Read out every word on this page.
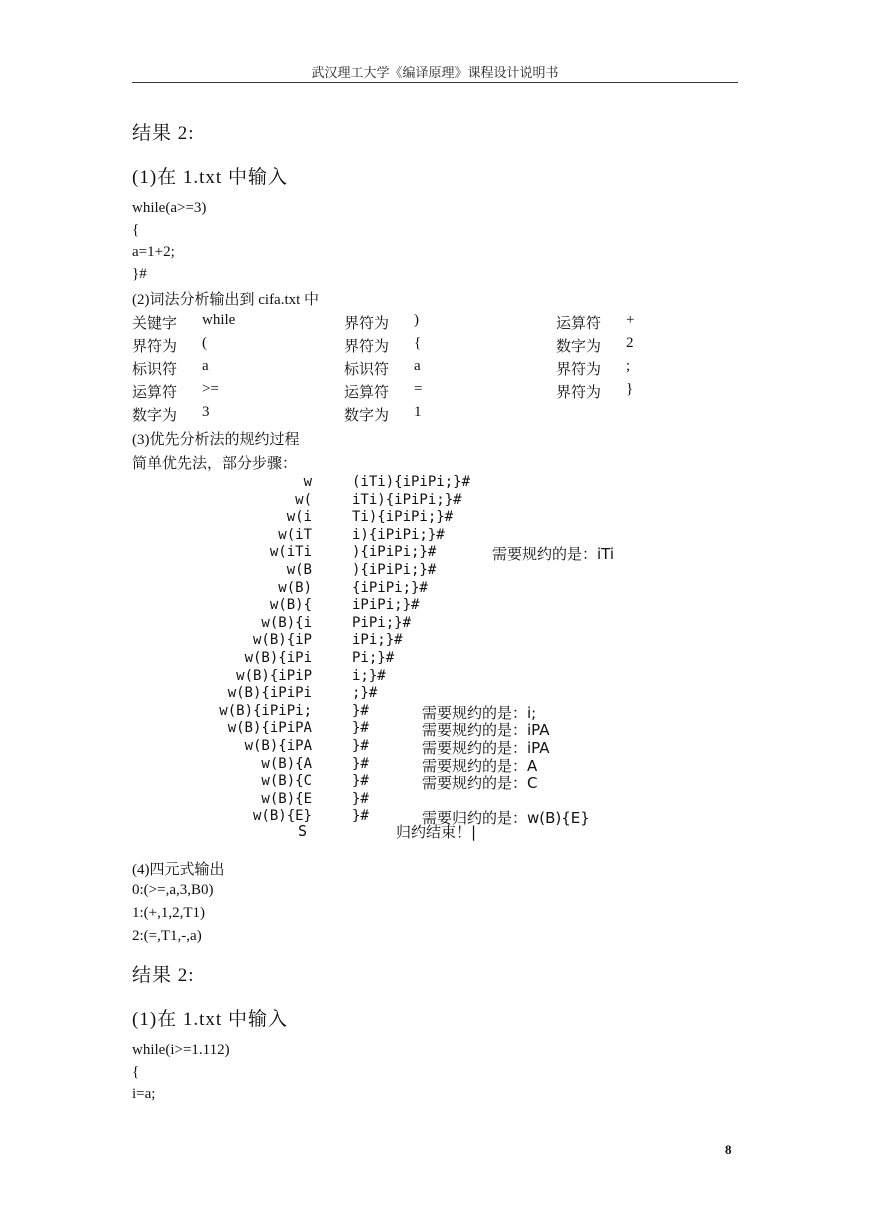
武汉理工大学《编译原理》课程设计说明书
结果 2:
(1)在 1.txt 中输入
while(a>=3)
{
a=1+2;
}#
(2)词法分析输出到 cifa.txt 中
关键字 while	界符为 )	运算符 +
界符为 (	界符为 {	数字为 2
标识符 a	标识符 a	界符为 ;
运算符 >=	运算符 =	界符为 }
数字为 3	数字为 1
(3)优先分析法的规约过程
简单优先法，部分步骤：
w	(iTi){iPiPi;}#
w(	iTi){iPiPi;}#
w(i	Ti){iPiPi;}#
w(iT	i){iPiPi;}#
w(iTi	){iPiPi;}#	需要规约的是：iTi
w(B	){iPiPi;}#
w(B)	{iPiPi;}#
w(B){	iPiPi;}#
w(B){i	PiPi;}#
w(B){iP	iPi;}#
w(B){iPi	Pi;}#
w(B){iPiP	i;}#
w(B){iPiPi	;}#
w(B){iPiPi;	}#	需要规约的是：i;
w(B){iPiPA	}#	需要规约的是：iPA
w(B){iPA	}#	需要规约的是：iPA
w(B){A	}#	需要规约的是：A
w(B){C	}#	需要规约的是：C
w(B){E	}#
w(B){E}	}#	需要归约的是：w(B){E}
S	归约结束！|
(4)四元式输出
0:(>=,a,3,B0)
1:(+,1,2,T1)
2:(=,T1,-,a)
结果 2:
(1)在 1.txt 中输入
while(i>=1.112)
{
i=a;
8
